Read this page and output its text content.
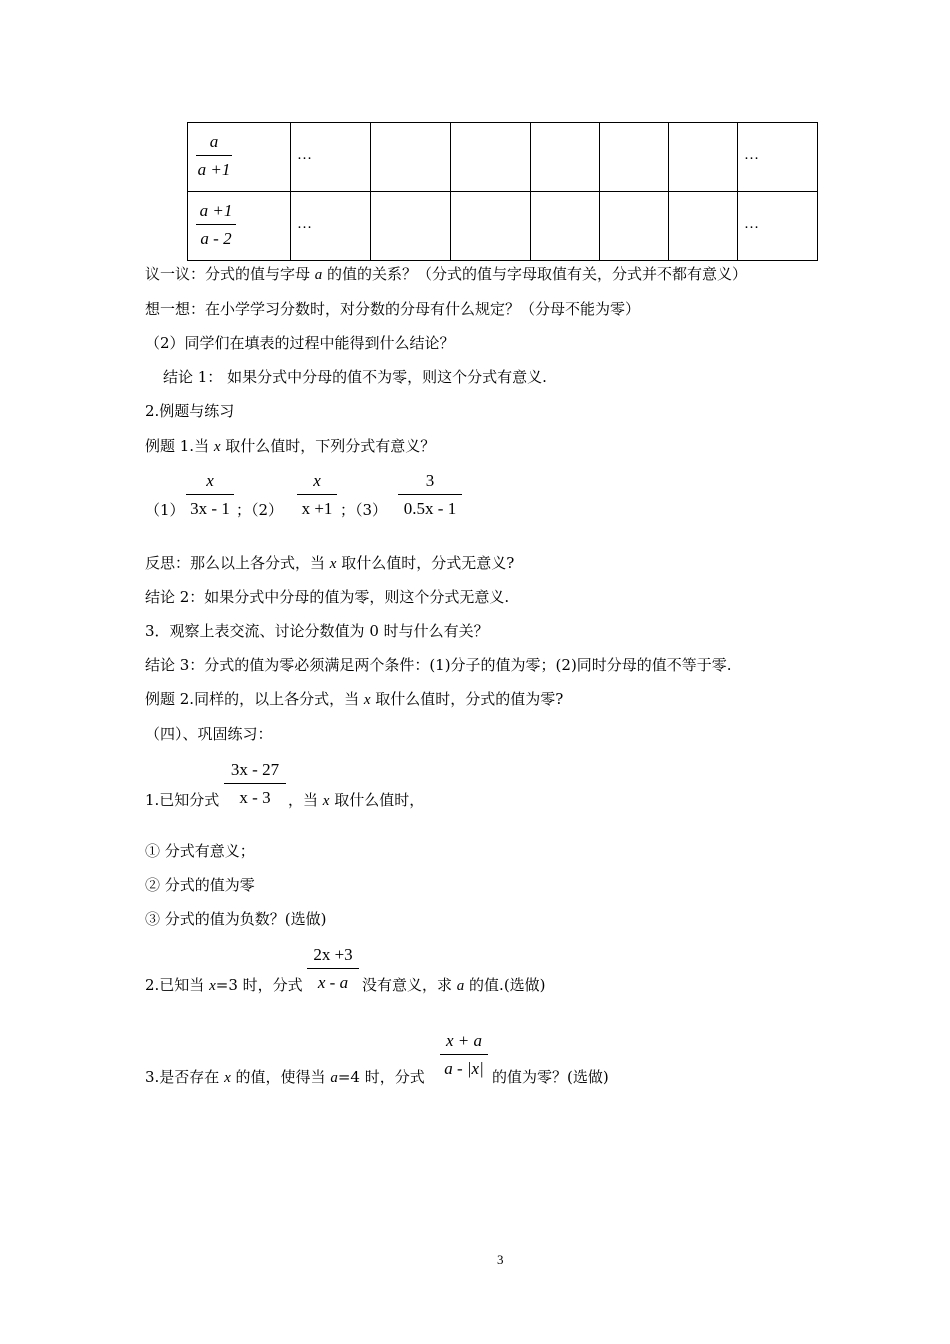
a
a +1	…						…

a +1
a - 2	…						…
议一议：分式的值与字母 a 的值的关系？（分式的值与字母取值有关，分式并不都有意义）
想一想：在小学学习分数时，对分数的分母有什么规定？（分母不能为零）
（2）同学们在填表的过程中能得到什么结论？
结论 1： 如果分式中分母的值不为零，则这个分式有意义.
2.例题与练习
例题 1.当 x 取什么值时，下列分式有意义？
（1）
x
3x - 1 ；（2）
x
x +1 ；（3）
3
0.5x - 1
反思：那么以上各分式，当 x 取什么值时，分式无意义?
结论 2：如果分式中分母的值为零，则这个分式无意义.
3．观察上表交流、讨论分数值为 0 时与什么有关？
结论 3：分式的值为零必须满足两个条件：(1)分子的值为零；(2)同时分母的值不等于零.
例题 2.同样的，以上各分式，当 x 取什么值时，分式的值为零?
（四）、巩固练习：
1.已知分式
3x - 27
x - 3	，当 x 取什么值时，
① 分式有意义；
② 分式的值为零
③ 分式的值为负数？(选做)
2.已知当 x=3 时，分式
2x +3
x - a 没有意义，求 a 的值.(选做)
3.是否存在 x 的值，使得当 a=4 时，分式
x + a
a - |x| 的值为零？(选做)
3
